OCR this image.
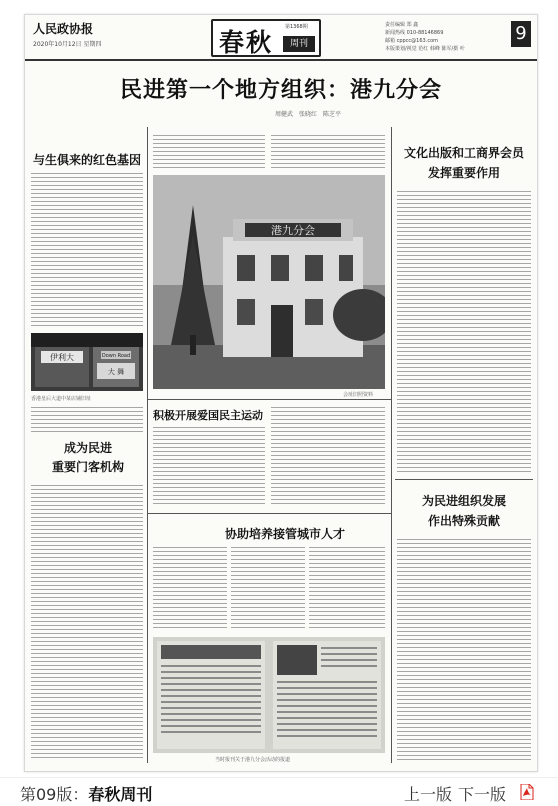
人民政协报
2020年10月12日 星期四	春秋
第1368期
周刊
责任编辑 郑 鑫
新闻热线 010-88146869
邮箱 cppcc@163.com
本版策划/视觉 范红 韩峰 陈军/摄 叶
9
民进第一个地方组织：港九分会
周健武　张晓红　陈芝平
与生俱来的红色基因
伊利大	Down Road
大 舞
香港皇后大道中某店铺旧址
成为民进
重要门客机构
港九分会
会址旧照资料
积极开展爱国民主运动
协助培养接管城市人才
当时报刊关于港九分会活动的报道
文化出版和工商界会员
发挥重要作用
为民进组织发展
作出特殊贡献
第09版：春秋周刊	上一版 下一版
